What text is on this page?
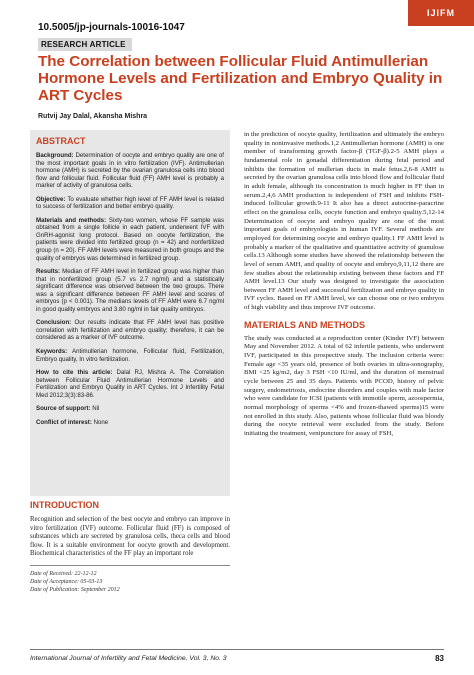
IJIFM
10.5005/jp-journals-10016-1047
RESEARCH ARTICLE
The Correlation between Follicular Fluid Antimullerian Hormone Levels and Fertilization and Embryo Quality in ART Cycles
Rutvij Jay Dalal, Akansha Mishra
ABSTRACT

Background: Determination of oocyte and embryo quality are one of the most important goals in in vitro fertilization (IVF). Antimullerian hormone (AMH) is secreted by the ovarian granulosa cells into blood flow and follicular fluid. Follicular fluid (FF) AMH level is probably a marker of activity of granulosa cells.

Objective: To evaluate whether high level of FF AMH level is related to success of fertilization and better embryo quality.

Materials and methods: Sixty-two women, whose FF sample was obtained from a single follicle in each patient, underwent IVF with GnRH-agonist long protocol. Based on oocyte fertilization, the patients were divided into fertilized group (n = 42) and nonfertilized group (n = 20). FF AMH levels were measured in both groups and the quality of embryos was determined in fertilized group.

Results: Median of FF AMH level in fertilized group was higher than that in nonfertilized group (5.7 vs 2.7 ng/ml) and a statistically significant difference was observed between the two groups. There was a significant difference between FF AMH level and scores of embryos (p < 0.001). The medians levels of FF AMH were 6.7 ng/ml in good quality embryos and 3.80 ng/ml in fair quality embryos.

Conclusion: Our results indicate that FF AMH level has positive correlation with fertilization and embryo quality; therefore, it can be considered as a marker of IVF outcome.

Keywords: Antimullerian hormone, Follicular fluid, Fertilization, Embryo quality, In vitro fertilization.

How to cite this article: Dalal RJ, Mishra A. The Correlation between Follicular Fluid Antimullerian Hormone Levels and Fertilization and Embryo Quality in ART Cycles. Int J Infertility Fetal Med 2012;3(3):83-86.

Source of support: Nil

Conflict of interest: None

INTRODUCTION

Recognition and selection of the best oocyte and embryo can improve in vitro fertilization (IVF) outcome. Follicular fluid (FF) is composed of substances which are secreted by granulosa cells, theca cells and blood flow. It is a suitable environment for oocyte growth and development. Biochemical characteristics of the FF play an important role

Date of Received: 22-12-12
Date of Acceptance: 05-03-13
Date of Publication: September 2012

in the prediction of oocyte quality, fertilization and ultimately the embryo quality in noninvasive methods.1,2 Antimullerian hormone (AMH) is one member of transforming growth factor-β (TGF-β).2-5 AMH plays a fundamental role in gonadal differentiation during fetal period and inhibits the formation of mullerian ducts in male fetus.2,6-8 AMH is secreted by the ovarian granulosa cells into blood flow and follicular fluid in adult female, although its concentration is much higher in FF than in serum.2,4,6 AMH production is independent of FSH and inhibits FSH-induced follicular growth.9-11 It also has a direct autocrine-paracrine effect on the granulosa cells, oocyte function and embryo quality.5,12-14 Determination of oocyte and embryo quality are one of the most important goals of embryologists in human IVF. Several methods are employed for determining oocyte and embryo quality.1 FF AMH level is probably a marker of the qualitative and quantitative activity of granulose cells.13 Although some studies have showed the relationship between the level of serum AMH, and quality of oocyte and embryo,9,11,12 there are few studies about the relationship existing between these factors and FF AMH level.13 Our study was designed to investigate the association between FF AMH level and successful fertilization and embryo quality in IVF cycles. Based on FF AMH level, we can choose one or two embryos of high viability and thus improve IVF outcome.

MATERIALS AND METHODS

The study was conducted at a reproduction center (Kinder IVF) between May and November 2012. A total of 62 infertile patients, who underwent IVF, participated in this prospective study. The inclusion criteria were: Female age <35 years old, presence of both ovaries in ultra-sonography, BMI <25 kg/m2, day 3 FSH <10 IU/ml, and the duration of menstrual cycle between 25 and 35 days. Patients with PCOD, history of pelvic surgery, endometriosis, endocrine disorders and couples with male factor who were candidate for ICSI (patients with immotile sperm, azoospermia, normal morphology of sperms <4% and frozen-thawed sperms)15 were not enrolled in this study. Also, patients whose follicular fluid was bloody during the oocyte retrieval were excluded from the study. Before initiating the treatment, venipuncture for assay of FSH,

International Journal of Infertility and Fetal Medicine, Vol. 3, No. 3	83
